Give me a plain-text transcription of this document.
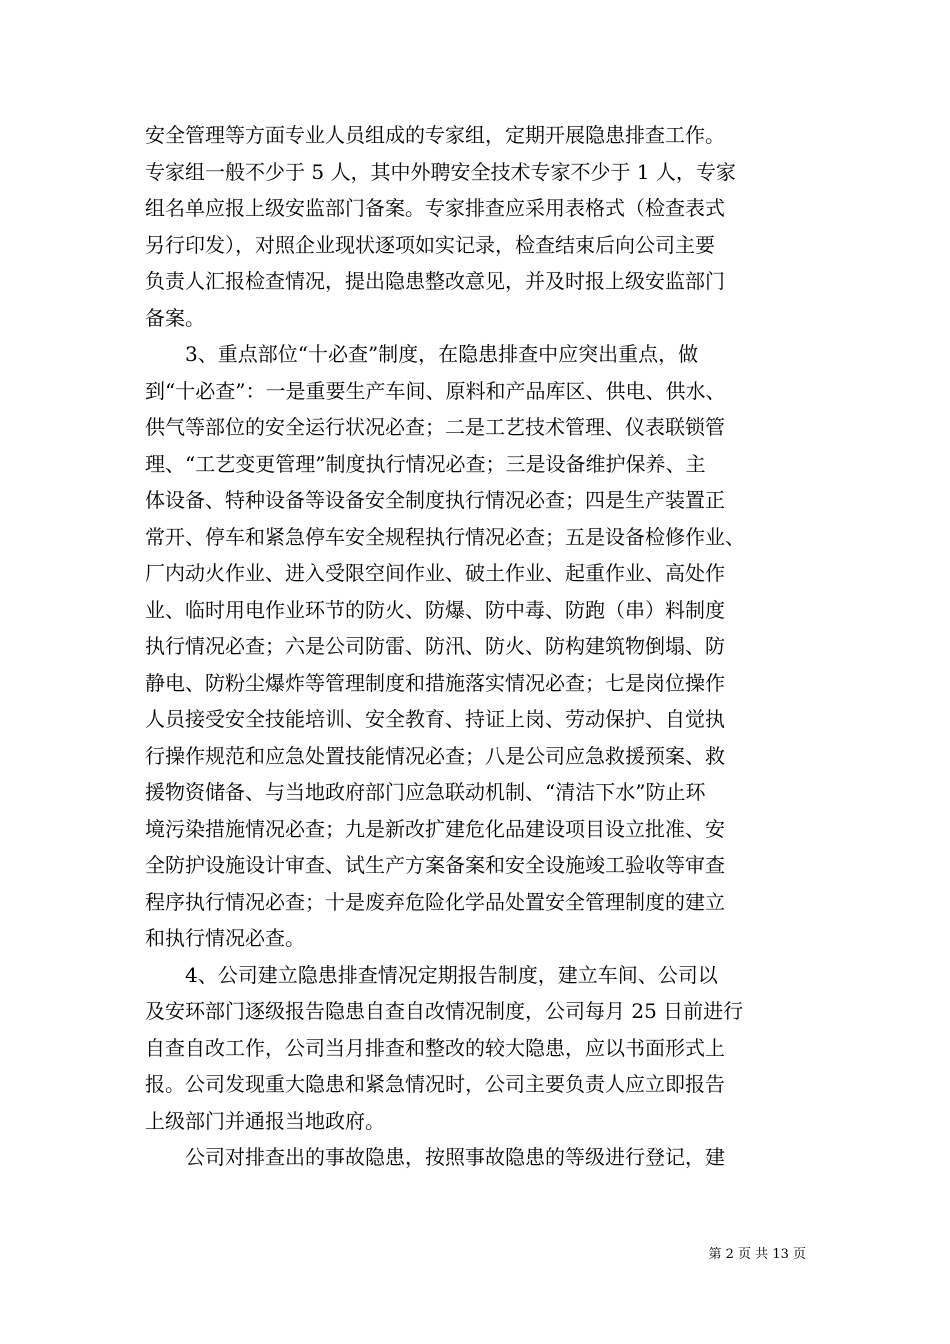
安全管理等方面专业人员组成的专家组，定期开展隐患排查工作。
专家组一般不少于 5 人，其中外聘安全技术专家不少于 1 人，专家
组名单应报上级安监部门备案。专家排查应采用表格式（检查表式
另行印发），对照企业现状逐项如实记录，检查结束后向公司主要
负责人汇报检查情况，提出隐患整改意见，并及时报上级安监部门
备案。
　　3、重点部位“十必查”制度，在隐患排查中应突出重点，做
到“十必查”：一是重要生产车间、原料和产品库区、供电、供水、
供气等部位的安全运行状况必查；二是工艺技术管理、仪表联锁管
理、“工艺变更管理”制度执行情况必查；三是设备维护保养、主
体设备、特种设备等设备安全制度执行情况必查；四是生产装置正
常开、停车和紧急停车安全规程执行情况必查；五是设备检修作业、
厂内动火作业、进入受限空间作业、破土作业、起重作业、高处作
业、临时用电作业环节的防火、防爆、防中毒、防跑（串）料制度
执行情况必查；六是公司防雷、防汛、防火、防构建筑物倒塌、防
静电、防粉尘爆炸等管理制度和措施落实情况必查；七是岗位操作
人员接受安全技能培训、安全教育、持证上岗、劳动保护、自觉执
行操作规范和应急处置技能情况必查；八是公司应急救援预案、救
援物资储备、与当地政府部门应急联动机制、“清洁下水”防止环
境污染措施情况必查；九是新改扩建危化品建设项目设立批准、安
全防护设施设计审查、试生产方案备案和安全设施竣工验收等审查
程序执行情况必查；十是废弃危险化学品处置安全管理制度的建立
和执行情况必查。
　　4、公司建立隐患排查情况定期报告制度，建立车间、公司以
及安环部门逐级报告隐患自查自改情况制度，公司每月 25 日前进行
自查自改工作，公司当月排查和整改的较大隐患，应以书面形式上
报。公司发现重大隐患和紧急情况时，公司主要负责人应立即报告
上级部门并通报当地政府。
　　公司对排查出的事故隐患，按照事故隐患的等级进行登记，建
第 2 页 共 13 页
